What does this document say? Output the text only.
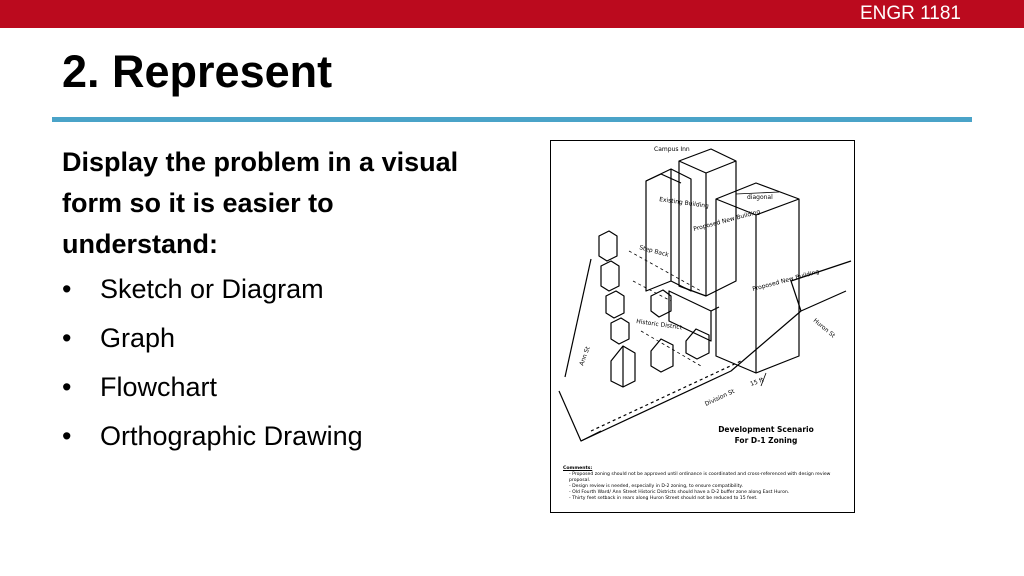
ENGR 1181
2. Represent

Display the problem in a visual form so it is easier to understand:

• Sketch or Diagram
• Graph
• Flowchart
• Orthographic Drawing
Campus Inn
Existing Building
Proposed New Building
Proposed New Building
diagonal
Historic District
Ann St
Huron St
Division St
15 ft
Step Back
Development Scenario
For D-1 Zoning
Comments:
- Proposed zoning should not be approved until ordinance is coordinated and cross-referenced with design review proposal.
- Design review is needed, especially in D-2 zoning, to ensure compatibility.
- Old Fourth Ward/ Ann Street Historic Districts should have a D-2 buffer zone along East Huron.
- Thirty feet setback in rears along Huron Street should not be reduced to 15 feet.
